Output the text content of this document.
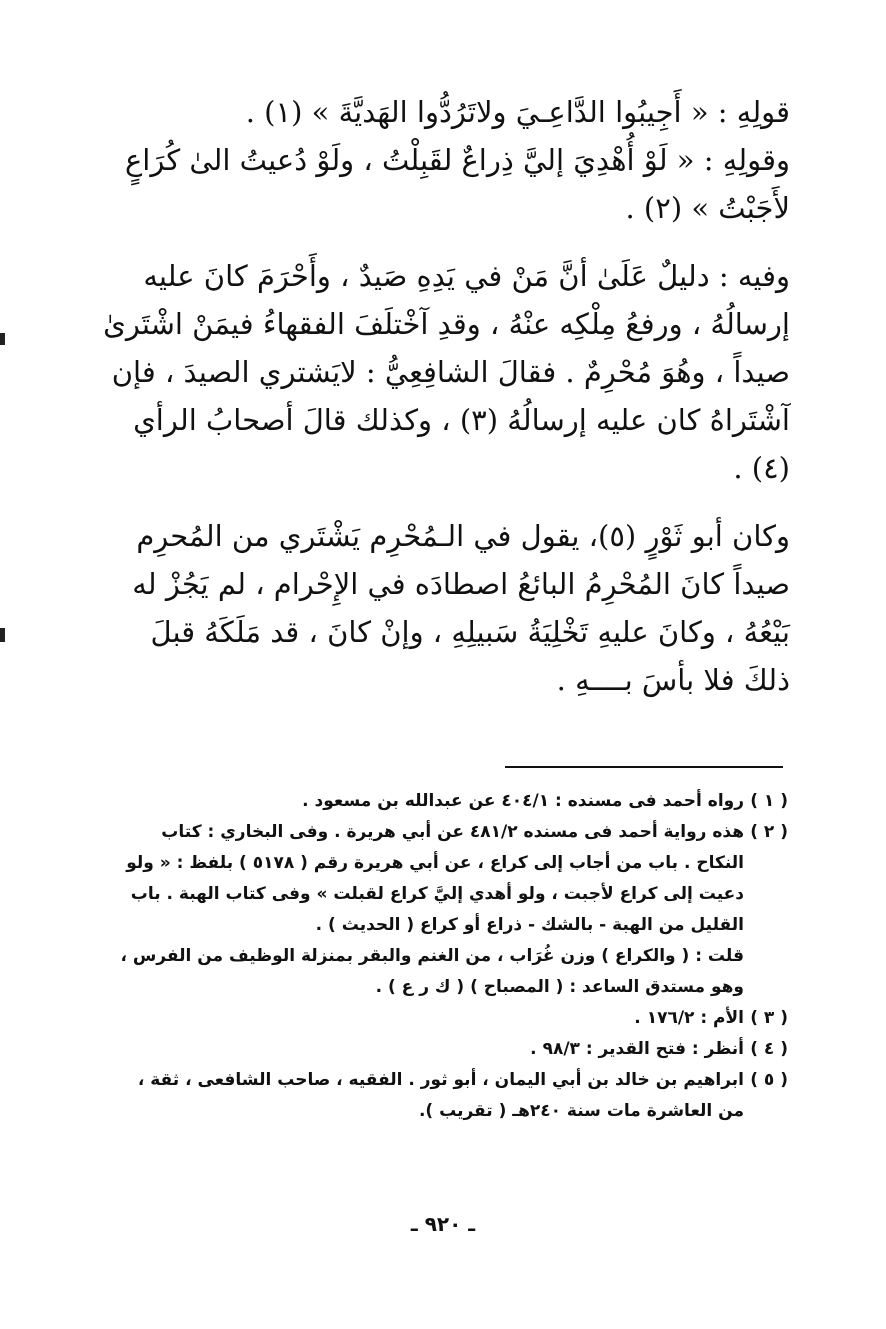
قولِهِ : « أَجِيبُوا الدَّاعِـيَ ولاتَرُدُّوا الهَديَّةَ » (١) .

وقولِهِ : « لَوْ أُهْدِيَ إليَّ ذِراعٌ لقَبِلْتُ ، ولَوْ دُعيتُ الىٰ كُرَاعٍ لأَجَبْتُ » (٢) .

وفيه : دليلٌ عَلَىٰ أنَّ مَنْ في يَدِهِ صَيدٌ ، وأَحْرَمَ كانَ عليه إرسالُهُ ، ورفعُ مِلْكِه عنْهُ ، وقدِ آخْتلَفَ الفقهاءُ فيمَنْ اشْتَرىٰ صيداً ، وهُوَ مُحْرِمٌ . فقالَ الشافِعِيُّ : لايَشتري الصيدَ ، فإن آشْتَراهُ كان عليه إرسالُهُ (٣) ، وكذلك قالَ أصحابُ الرأي (٤) .

وكان أبو ثَوْرٍ (٥)، يقول في الـمُحْرِم يَشْتَري من المُحرِم صيداً كانَ المُحْرِمُ البائعُ اصطادَه في الإِحْرام ، لم يَجُزْ له بَيْعُهُ ، وكانَ عليهِ تَخْلِيَةُ سَبيلِهِ ، وإنْ كانَ ، قد مَلَكَهُ قبلَ ذلكَ فلا بأسَ بــــهِ .

( ١ )
رواه أحمد فى مسنده : ٤٠٤/١ عن عبدالله بن مسعود .
( ٢ )
هذه رواية أحمد فى مسنده ٤٨١/٢ عن أبي هريرة . وفى البخاري : كتاب النكاح . باب من أجاب إلى كراع ، عن أبي هريرة رقم ( ٥١٧٨ ) بلفظ : « ولو دعيت إلى كراع لأجبت ، ولو أهدي إليَّ كراع لقبلت » وفى كتاب الهبة . باب القليل من الهبة - بالشك - ذراع أو كراع ( الحديث ) .
قلت : ( والكراع ) وزن غُرَاب ، من الغنم والبقر بمنزلة الوظيف من الفرس ، وهو مستدق الساعد : ( المصباح ) ( ك ر ع ) .
( ٣ )
الأم : ١٧٦/٢ .
( ٤ )
أنظر : فتح القدير : ٩٨/٣ .
( ٥ )
ابراهيم بن خالد بن أبي اليمان ، أبو ثور . الفقيه ، صاحب الشافعى ، ثقة ، من العاشرة مات سنة ٢٤٠هـ ( تقريب ).
ـ ٩٢٠ ـ
